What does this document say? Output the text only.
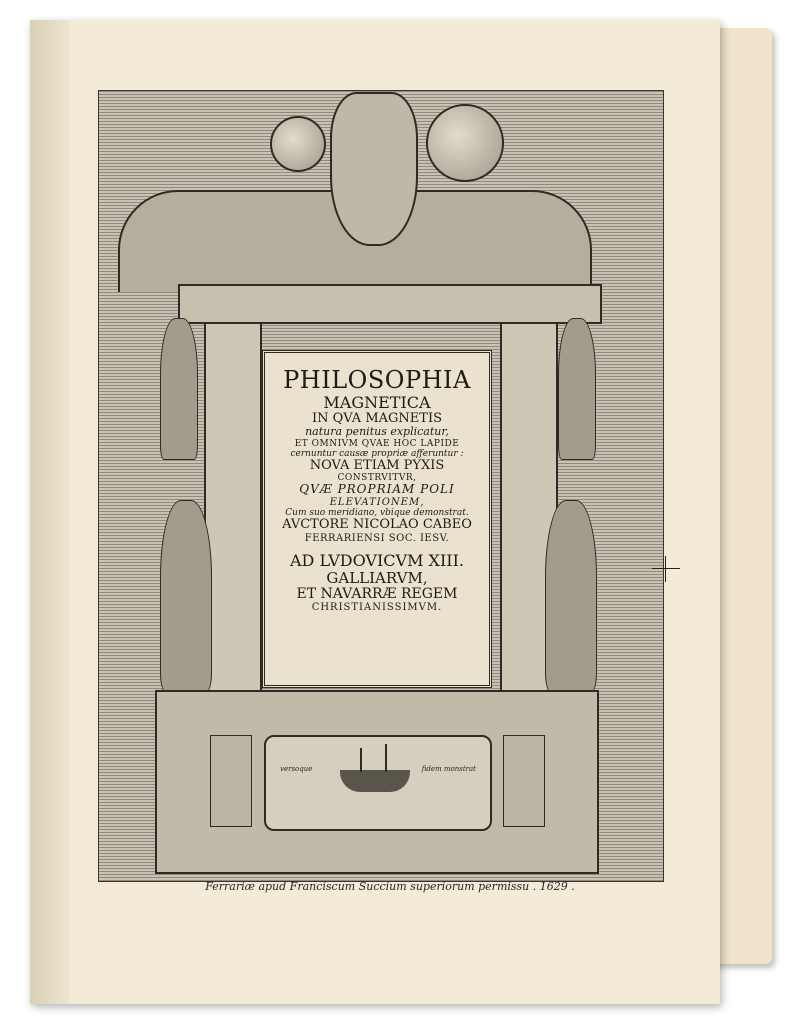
versoque	fidem monstrat
PHILOSOPHIA
MAGNETICA
IN QVA MAGNETIS
natura penitus explicatur,
ET OMNIVM QVAE HOC LAPIDE
cernuntur causæ propriæ afferuntur :
NOVA ETIAM PYXIS
CONSTRVITVR,
QVÆ PROPRIAM POLI
ELEVATIONEM,
Cum suo meridiano, vbique demonstrat.
AVCTORE NICOLAO CABEO
FERRARIENSI SOC. IESV.
AD LVDOVICVM XIII.
GALLIARVM,
ET NAVARRÆ REGEM
CHRISTIANISSIMVM.
Ferrariæ apud Franciscum Succium superiorum permissu . 1629 .
